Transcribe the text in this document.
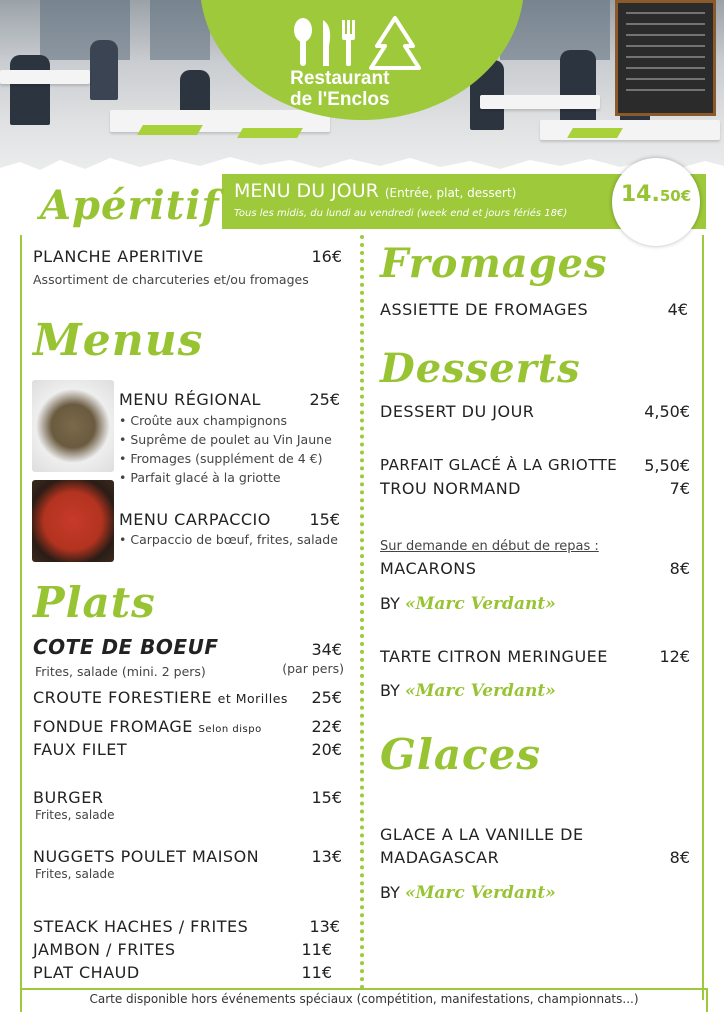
Restaurant
de l'Enclos
MENU DU JOUR (Entrée, plat, dessert)
Tous les midis, du lundi au vendredi (week end et jours fériés 18€)
14.50€
Apéritif
PLANCHE APERITIVE	16€
Assortiment de charcuteries et/ou fromages
Menus
MENU RÉGIONAL	25€
• Croûte aux champignons
• Suprême de poulet au Vin Jaune
• Fromages (supplément de 4 €)
• Parfait glacé à la griotte
MENU CARPACCIO	15€
• Carpaccio de bœuf, frites, salade
Plats
COTE DE BOEUF	34€
Frites, salade (mini. 2 pers)	(par pers)
CROUTE FORESTIERE et Morilles	25€
FONDUE FROMAGE Selon dispo	22€
FAUX FILET	20€
BURGER	15€
Frites, salade
NUGGETS POULET MAISON	13€
Frites, salade
STEACK HACHES / FRITES	13€
JAMBON / FRITES	11€
PLAT CHAUD	11€
Fromages
ASSIETTE DE FROMAGES	4€
Desserts
DESSERT DU JOUR	4,50€
PARFAIT GLACÉ À LA GRIOTTE	5,50€
TROU NORMAND	7€
Sur demande en début de repas :
MACARONS	8€
BY «Marc Verdant»
TARTE CITRON MERINGUEE	12€
BY «Marc Verdant»
Glaces
GLACE A LA VANILLE DE
MADAGASCAR	8€
BY «Marc Verdant»
Carte disponible hors événements spéciaux (compétition, manifestations, championnats...)
